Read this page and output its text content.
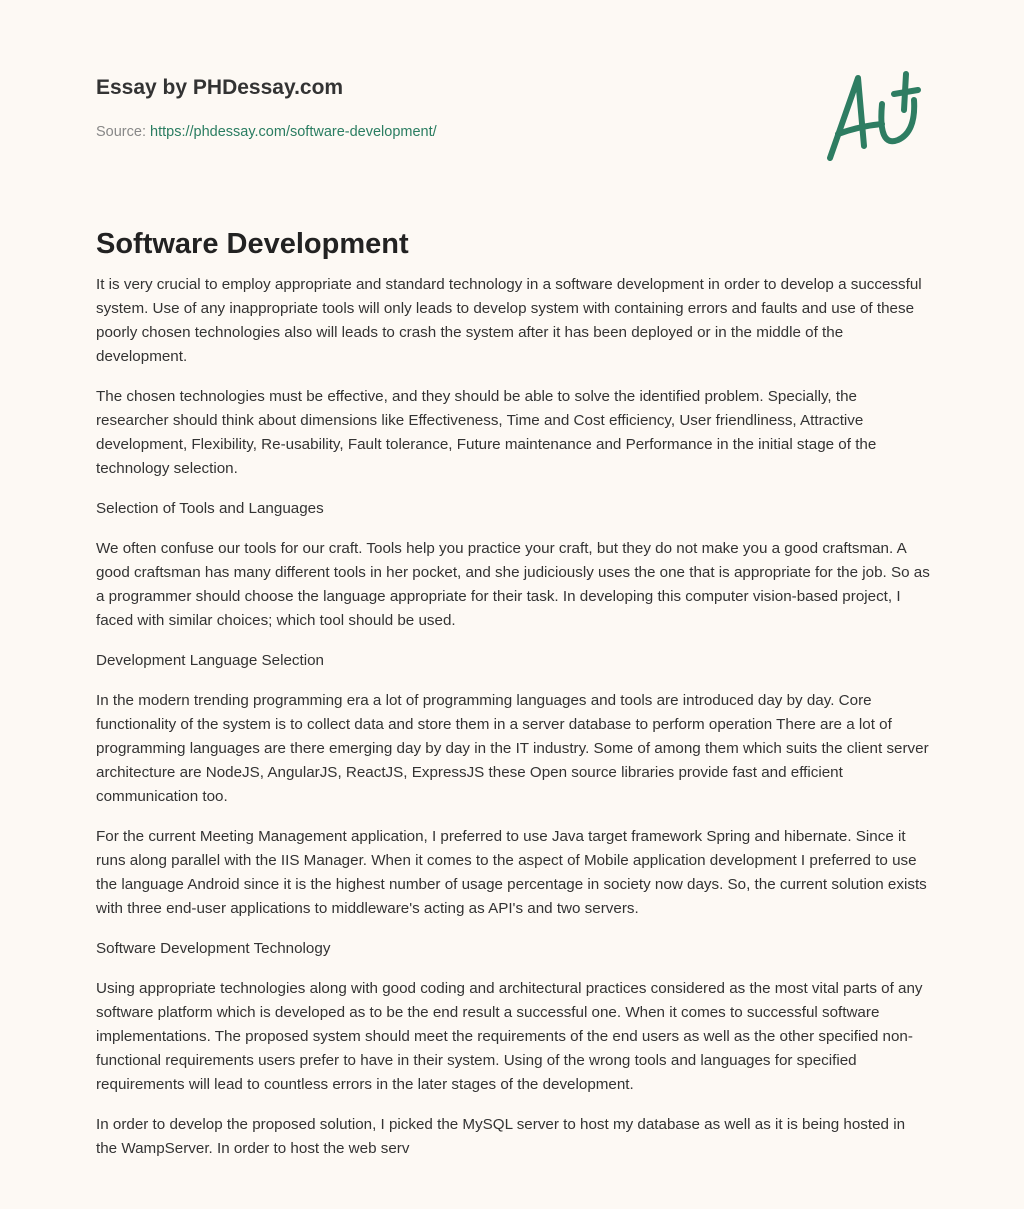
Essay by PHDessay.com
Source: https://phdessay.com/software-development/
Software Development

It is very crucial to employ appropriate and standard technology in a software development in order to develop a successful system. Use of any inappropriate tools will only leads to develop system with containing errors and faults and use of these poorly chosen technologies also will leads to crash the system after it has been deployed or in the middle of the development.

The chosen technologies must be effective, and they should be able to solve the identified problem. Specially, the researcher should think about dimensions like Effectiveness, Time and Cost efficiency, User friendliness, Attractive development, Flexibility, Re-usability, Fault tolerance, Future maintenance and Performance in the initial stage of the technology selection.

Selection of Tools and Languages

We often confuse our tools for our craft. Tools help you practice your craft, but they do not make you a good craftsman. A good craftsman has many different tools in her pocket, and she judiciously uses the one that is appropriate for the job. So as a programmer should choose the language appropriate for their task. In developing this computer vision-based project, I faced with similar choices; which tool should be used.

Development Language Selection

In the modern trending programming era a lot of programming languages and tools are introduced day by day. Core functionality of the system is to collect data and store them in a server database to perform operation There are a lot of programming languages are there emerging day by day in the IT industry. Some of among them which suits the client server architecture are NodeJS, AngularJS, ReactJS, ExpressJS these Open source libraries provide fast and efficient communication too.

For the current Meeting Management application, I preferred to use Java target framework Spring and hibernate. Since it runs along parallel with the IIS Manager. When it comes to the aspect of Mobile application development I preferred to use the language Android since it is the highest number of usage percentage in society now days. So, the current solution exists with three end-user applications to middleware's acting as API's and two servers.

Software Development Technology

Using appropriate technologies along with good coding and architectural practices considered as the most vital parts of any software platform which is developed as to be the end result a successful one. When it comes to successful software implementations. The proposed system should meet the requirements of the end users as well as the other specified non-functional requirements users prefer to have in their system. Using of the wrong tools and languages for specified requirements will lead to countless errors in the later stages of the development.

In order to develop the proposed solution, I picked the MySQL server to host my database as well as it is being hosted in the WampServer. In order to host the web serv
